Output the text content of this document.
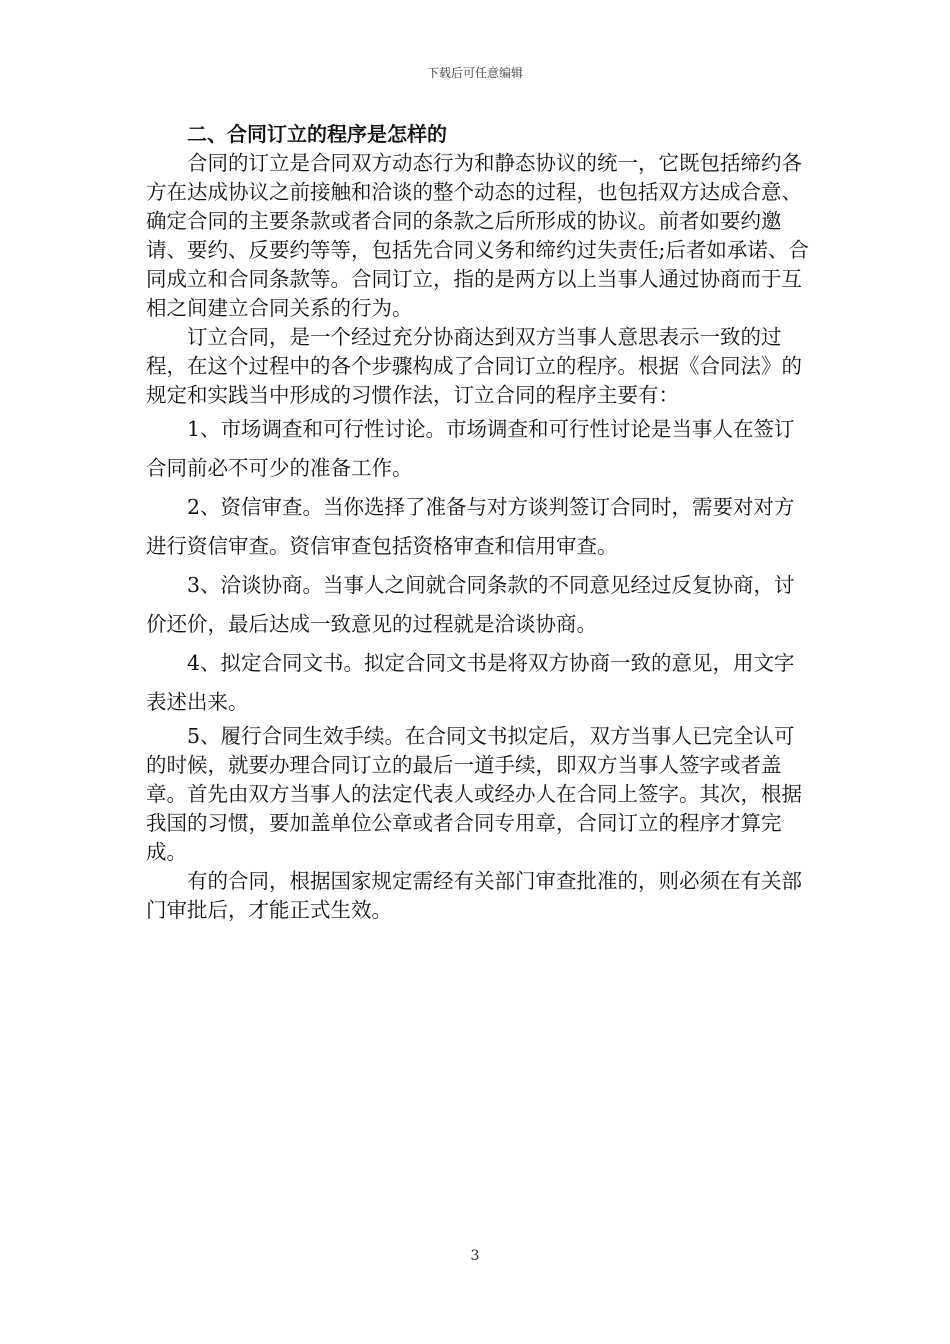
下载后可任意编辑
二、合同订立的程序是怎样的

合同的订立是合同双方动态行为和静态协议的统一，它既包括缔约各方在达成协议之前接触和洽谈的整个动态的过程，也包括双方达成合意、确定合同的主要条款或者合同的条款之后所形成的协议。前者如要约邀请、要约、反要约等等，包括先合同义务和缔约过失责任;后者如承诺、合同成立和合同条款等。合同订立，指的是两方以上当事人通过协商而于互相之间建立合同关系的行为。

订立合同，是一个经过充分协商达到双方当事人意思表示一致的过程，在这个过程中的各个步骤构成了合同订立的程序。根据《合同法》的规定和实践当中形成的习惯作法，订立合同的程序主要有：

1、市场调查和可行性讨论。市场调查和可行性讨论是当事人在签订合同前必不可少的准备工作。

2、资信审查。当你选择了准备与对方谈判签订合同时，需要对对方进行资信审查。资信审查包括资格审查和信用审查。

3、洽谈协商。当事人之间就合同条款的不同意见经过反复协商，讨价还价，最后达成一致意见的过程就是洽谈协商。

4、拟定合同文书。拟定合同文书是将双方协商一致的意见，用文字表述出来。

5、履行合同生效手续。在合同文书拟定后，双方当事人已完全认可的时候，就要办理合同订立的最后一道手续，即双方当事人签字或者盖章。首先由双方当事人的法定代表人或经办人在合同上签字。其次，根据我国的习惯，要加盖单位公章或者合同专用章，合同订立的程序才算完成。

有的合同，根据国家规定需经有关部门审查批准的，则必须在有关部门审批后，才能正式生效。

3
